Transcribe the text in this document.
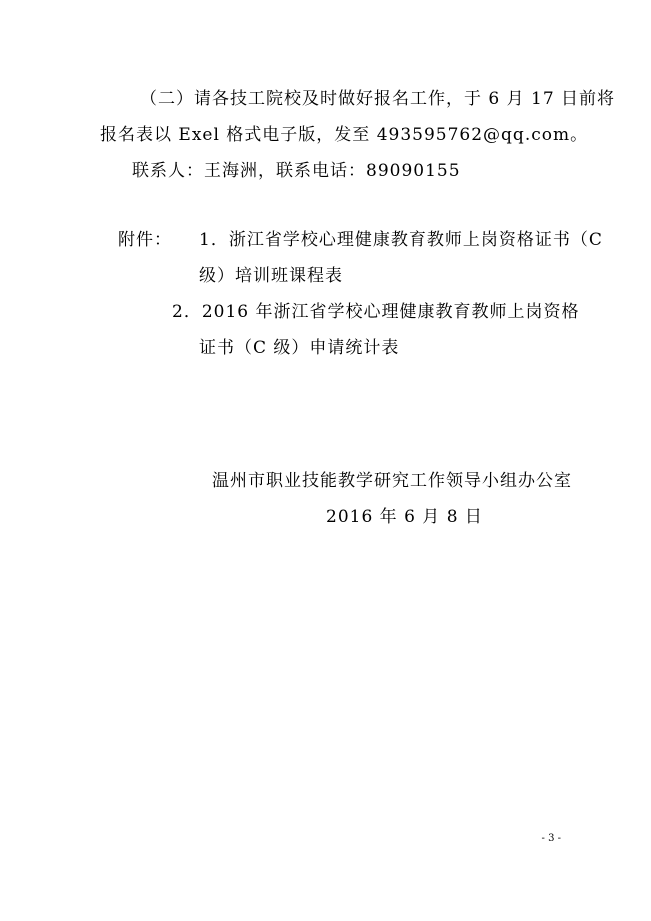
（二）请各技工院校及时做好报名工作，于 6 月 17 日前将
报名表以 Exel 格式电子版，发至 493595762@qq.com。
联系人：王海洲，联系电话：89090155
附件： 1．浙江省学校心理健康教育教师上岗资格证书（C
级）培训班课程表
2．2016 年浙江省学校心理健康教育教师上岗资格
证书（C 级）申请统计表
温州市职业技能教学研究工作领导小组办公室
2016 年 6 月 8 日
- 3 -
